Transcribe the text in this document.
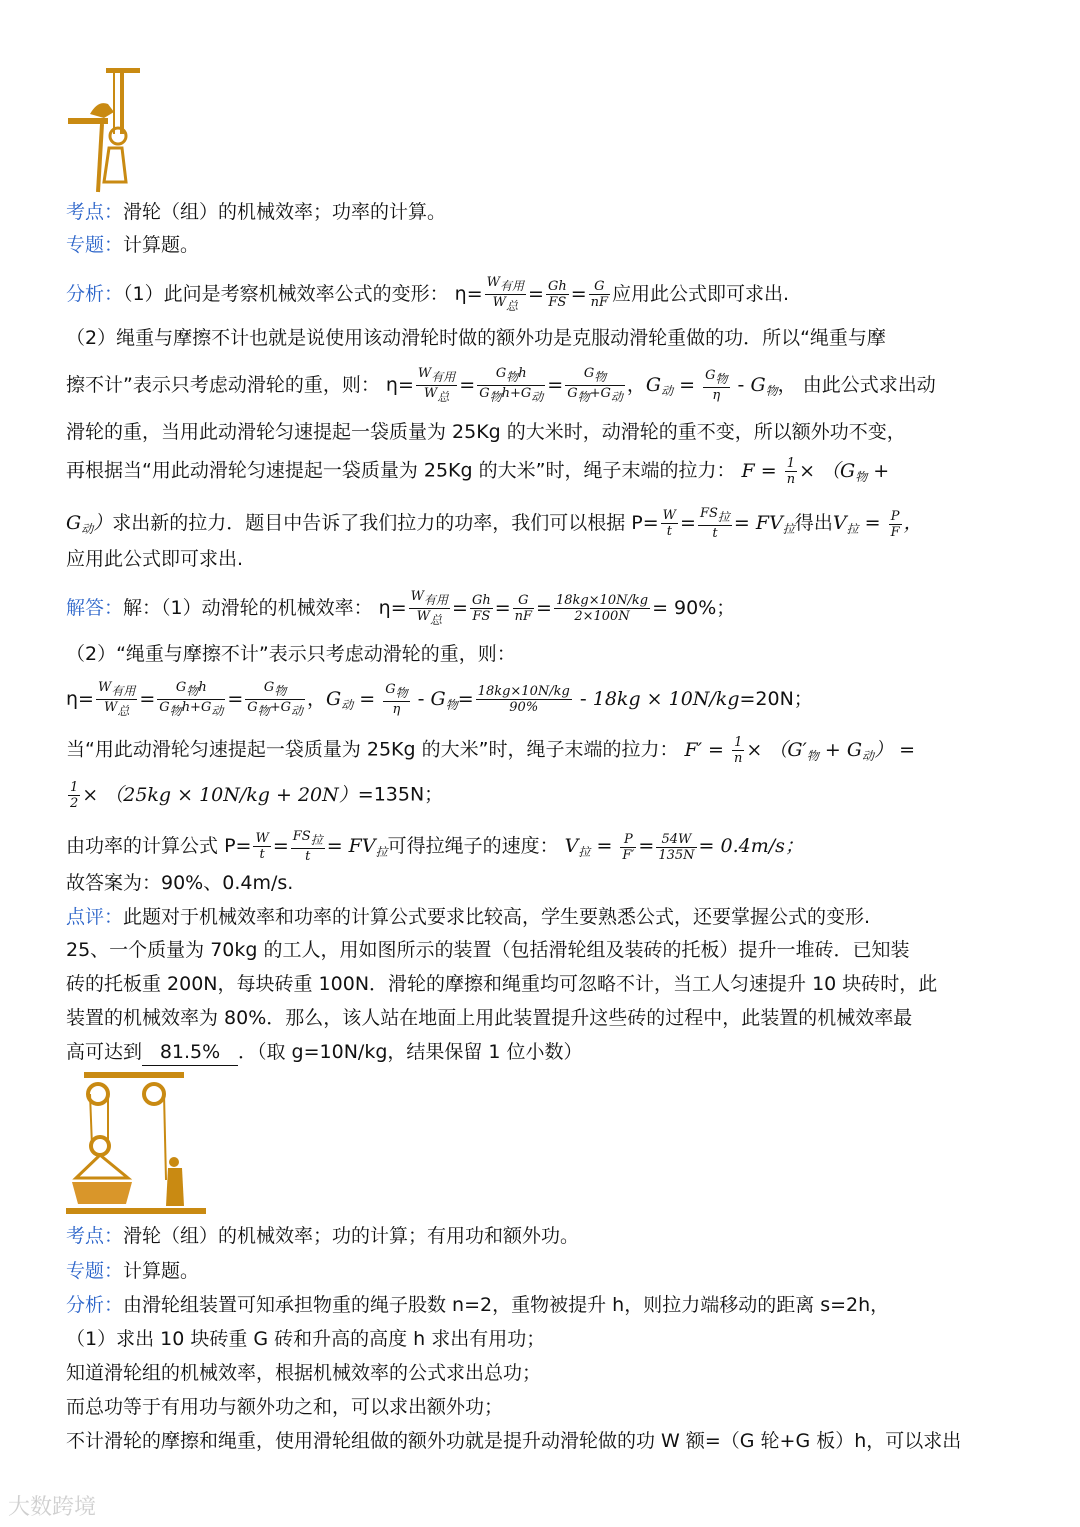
考点：滑轮（组）的机械效率；功率的计算。
专题：计算题。
分析：（1）此问是考察机械效率公式的变形： η=
W有用
W总
= $\frac{Gh}{FS} = \frac{G}{nF}$ 应用此公式即可求出.
（2）绳重与摩擦不计也就是说使用该动滑轮时做的额外功是克服动滑轮重做的功．所以“绳重与摩
擦不计”表示只考虑动滑轮的重，则： η=
W有用
W总
=
G物h
G物h+G动
=
G物
G物+G动
，$G_动 = G$物
η - $G_物$， 由此公式求出动
滑轮的重，当用此动滑轮匀速提起一袋质量为 25Kg 的大米时，动滑轮的重不变，所以额外功不变，
再根据当“用此动滑轮匀速提起一袋质量为 25Kg 的大米”时，绳子末端的拉力： $F = \frac{1}{n} \times (G_物$ +
$G_动$）求出新的拉力．题目中告诉了我们拉力的功率，我们可以根据 $P= \frac{W}{t}$ = FS拉
$t = FV_拉$得出$V_拉 = \frac{P}{F}$ ，
应用此公式即可求出.
解答：解：（1）动滑轮的机械效率： η=
W有用
W总
= $\frac{Gh}{FS} = \frac{G}{nF} = \frac{18kg\times 10N/kg}{2\times 100N} = 90\%$；
（2）“绳重与摩擦不计”表示只考虑动滑轮的重，则：
η=
W有用
W总
=
G物h
G物h+G动
=
G物
G物+G动
，$G_动 = G$物
$\eta - G_物= \frac{18kg\times 10N/kg}{90\%} - 18kg \times 10N/kg=20N$；
当“用此动滑轮匀速提起一袋质量为 25Kg 的大米”时，绳子末端的拉力： $F' = \frac{1}{n} \times (G'_物 + G_动)$ =
$\frac{1}{2} \times (25kg \times 10N/kg + 20N)=135N$；
由功率的计算公式 $P= \frac{W}{t}$ = FS拉
$t = FV_拉$可得拉绳子的速度： $V_拉 = \frac{P}{F'} = \frac{54W}{135N} = 0.4m/s$；
故答案为：90%、0.4m/s.
点评：此题对于机械效率和功率的计算公式要求比较高，学生要熟悉公式，还要掌握公式的变形.
25、一个质量为 70kg 的工人，用如图所示的装置（包括滑轮组及装砖的托板）提升一堆砖．已知装
砖的托板重 200N，每块砖重 100N．滑轮的摩擦和绳重均可忽略不计，当工人匀速提升 10 块砖时，此
装置的机械效率为 80%．那么，该人站在地面上用此装置提升这些砖的过程中，此装置的机械效率最
高可达到 81.5% ．（取 g=10N/kg，结果保留 1 位小数）
考点：滑轮（组）的机械效率；功的计算；有用功和额外功。
专题：计算题。
分析：由滑轮组装置可知承担物重的绳子股数 n=2，重物被提升 h，则拉力端移动的距离 s=2h，
（1）求出 10 块砖重 G 砖和升高的高度 h 求出有用功；
知道滑轮组的机械效率，根据机械效率的公式求出总功；
而总功等于有用功与额外功之和，可以求出额外功；
不计滑轮的摩擦和绳重，使用滑轮组做的额外功就是提升动滑轮做的功 W 额=（G 轮+G 板）h，可以求出
大数跨境
